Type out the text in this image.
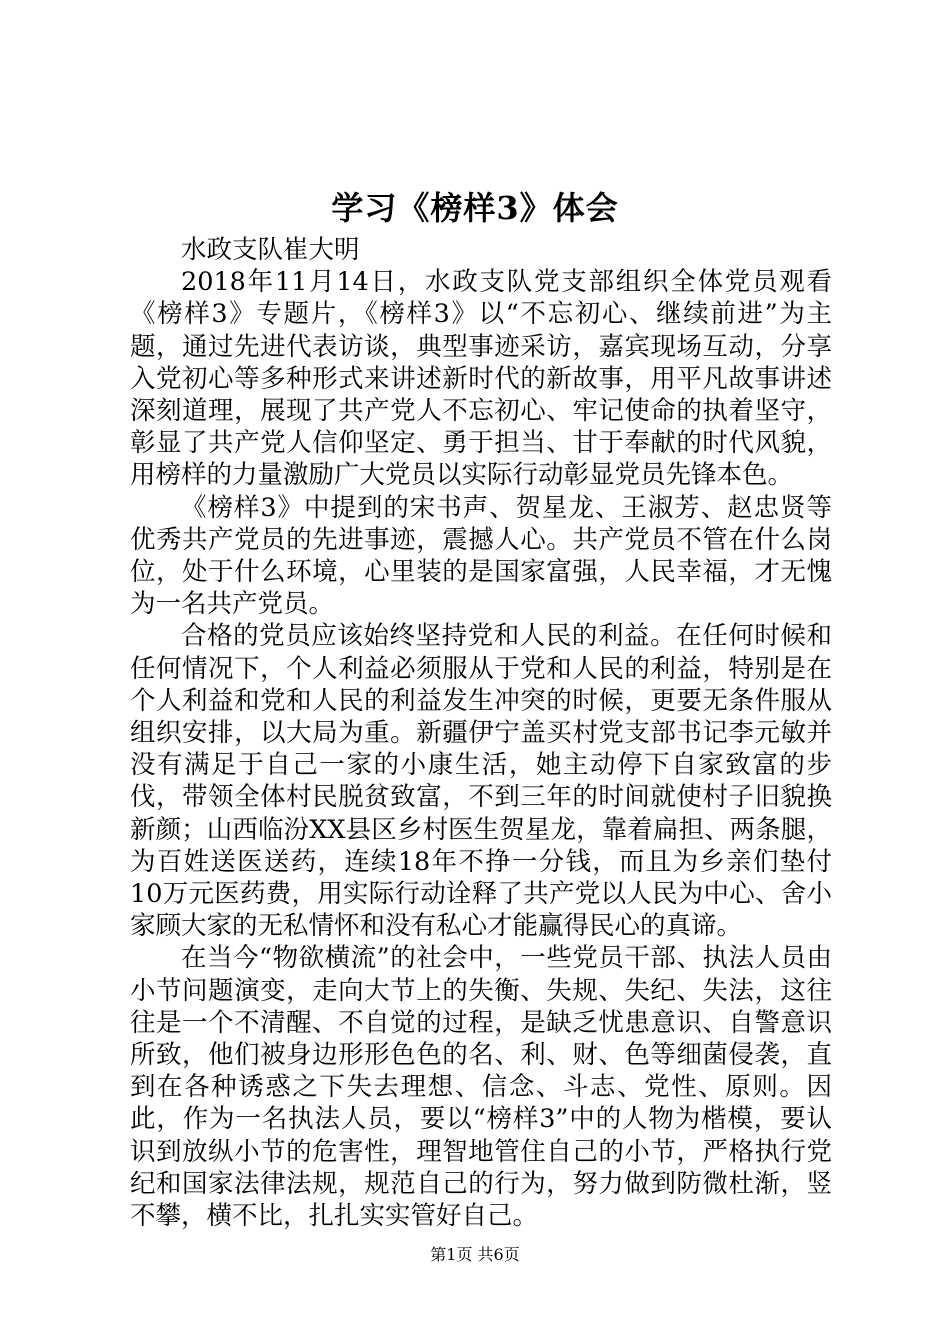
学习《榜样3》体会

水政支队崔大明

2018年11月14日，水政支队党支部组织全体党员观看《榜样3》专题片，《榜样3》以“不忘初心、继续前进”为主题，通过先进代表访谈，典型事迹采访，嘉宾现场互动，分享入党初心等多种形式来讲述新时代的新故事，用平凡故事讲述深刻道理，展现了共产党人不忘初心、牢记使命的执着坚守，彰显了共产党人信仰坚定、勇于担当、甘于奉献的时代风貌，用榜样的力量激励广大党员以实际行动彰显党员先锋本色。

《榜样3》中提到的宋书声、贺星龙、王淑芳、赵忠贤等优秀共产党员的先进事迹，震撼人心。共产党员不管在什么岗位，处于什么环境，心里装的是国家富强，人民幸福，才无愧为一名共产党员。

合格的党员应该始终坚持党和人民的利益。在任何时候和任何情况下，个人利益必须服从于党和人民的利益，特别是在个人利益和党和人民的利益发生冲突的时候，更要无条件服从组织安排，以大局为重。新疆伊宁盖买村党支部书记李元敏并没有满足于自己一家的小康生活，她主动停下自家致富的步伐，带领全体村民脱贫致富，不到三年的时间就使村子旧貌换新颜；山西临汾XX县区乡村医生贺星龙，靠着扁担、两条腿，为百姓送医送药，连续18年不挣一分钱，而且为乡亲们垫付10万元医药费，用实际行动诠释了共产党以人民为中心、舍小家顾大家的无私情怀和没有私心才能赢得民心的真谛。

在当今“物欲横流”的社会中，一些党员干部、执法人员由小节问题演变，走向大节上的失衡、失规、失纪、失法，这往往是一个不清醒、不自觉的过程，是缺乏忧患意识、自警意识所致，他们被身边形形色色的名、利、财、色等细菌侵袭，直到在各种诱惑之下失去理想、信念、斗志、党性、原则。因此，作为一名执法人员，要以“榜样3”中的人物为楷模，要认识到放纵小节的危害性，理智地管住自己的小节，严格执行党纪和国家法律法规，规范自己的行为，努力做到防微杜渐，竖不攀，横不比，扎扎实实管好自己。

第1页 共6页
